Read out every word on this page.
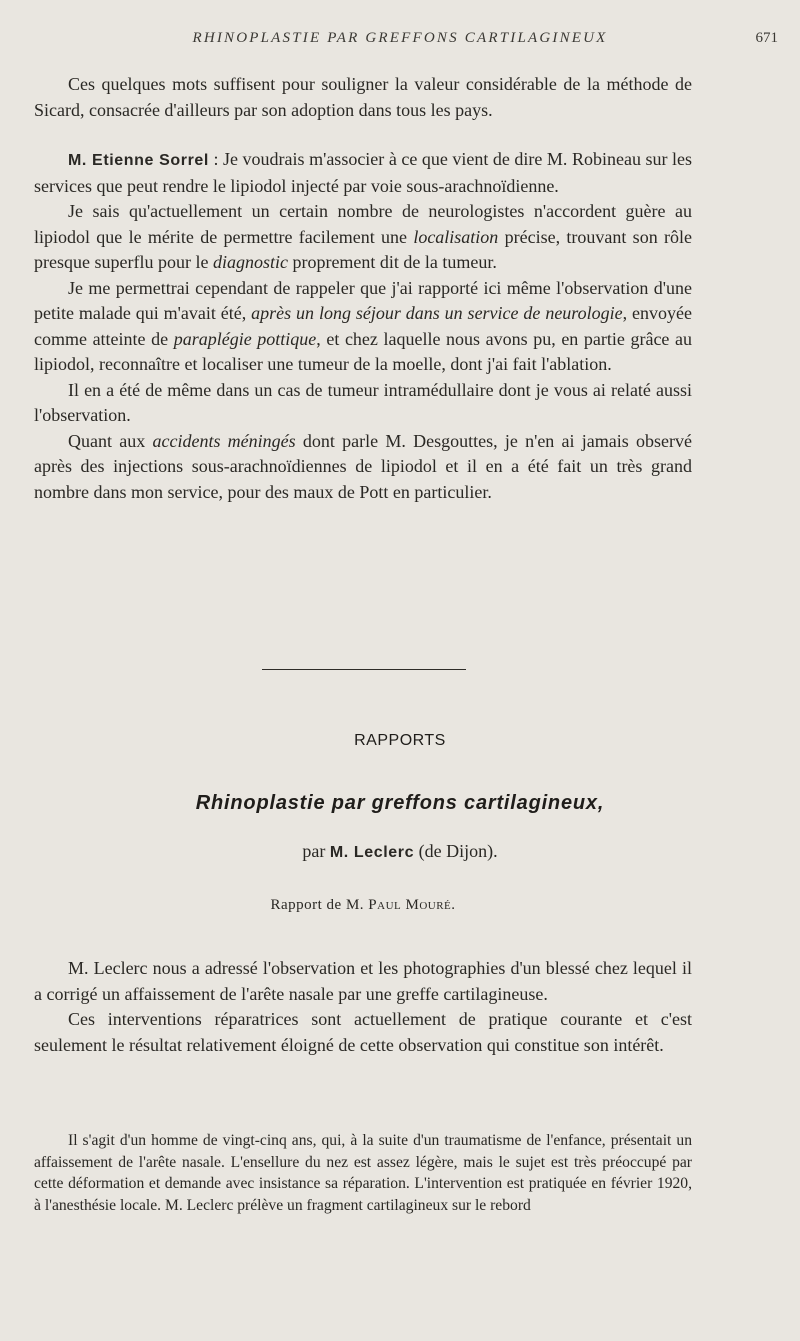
RHINOPLASTIE PAR GREFFONS CARTILAGINEUX	671

Ces quelques mots suffisent pour souligner la valeur considérable de la méthode de Sicard, consacrée d'ailleurs par son adoption dans tous les pays.

M. Etienne Sorrel : Je voudrais m'associer à ce que vient de dire M. Robineau sur les services que peut rendre le lipiodol injecté par voie sous-arachnoïdienne.

Je sais qu'actuellement un certain nombre de neurologistes n'accordent guère au lipiodol que le mérite de permettre facilement une localisation précise, trouvant son rôle presque superflu pour le diagnostic proprement dit de la tumeur.

Je me permettrai cependant de rappeler que j'ai rapporté ici même l'observation d'une petite malade qui m'avait été, après un long séjour dans un service de neurologie, envoyée comme atteinte de paraplégie pottique, et chez laquelle nous avons pu, en partie grâce au lipiodol, reconnaître et localiser une tumeur de la moelle, dont j'ai fait l'ablation.

Il en a été de même dans un cas de tumeur intramédullaire dont je vous ai relaté aussi l'observation.

Quant aux accidents méningés dont parle M. Desgouttes, je n'en ai jamais observé après des injections sous-arachnoïdiennes de lipiodol et il en a été fait un très grand nombre dans mon service, pour des maux de Pott en particulier.

RAPPORTS
Rhinoplastie par greffons cartilagineux,
par M. Leclerc (de Dijon).
Rapport de M. Paul Mouré.

M. Leclerc nous a adressé l'observation et les photographies d'un blessé chez lequel il a corrigé un affaissement de l'arête nasale par une greffe cartilagineuse.

Ces interventions réparatrices sont actuellement de pratique courante et c'est seulement le résultat relativement éloigné de cette observation qui constitue son intérêt.

Il s'agit d'un homme de vingt-cinq ans, qui, à la suite d'un traumatisme de l'enfance, présentait un affaissement de l'arête nasale. L'ensellure du nez est assez légère, mais le sujet est très préoccupé par cette déformation et demande avec insistance sa réparation. L'intervention est pratiquée en février 1920, à l'anesthésie locale. M. Leclerc prélève un fragment cartilagineux sur le rebord
